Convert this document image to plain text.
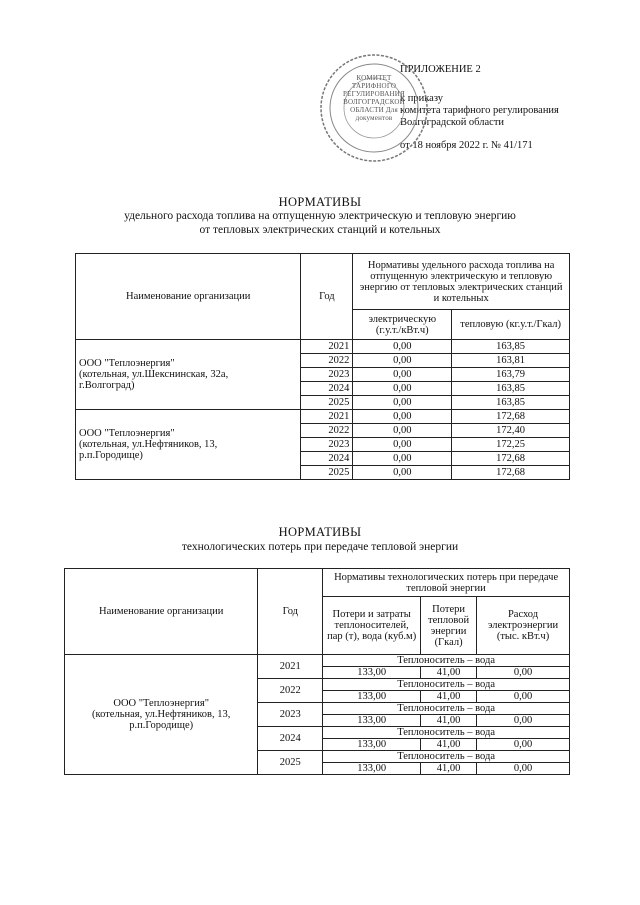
ПРИЛОЖЕНИЕ 2
к приказу
комитета тарифного регулирования
Волгоградской области
от 18 ноября 2022 г. № 41/171
КОМИТЕТ ТАРИФНОГО РЕГУЛИРОВАНИЯ ВОЛГОГРАДСКОЙ ОБЛАСТИ Для документов
НОРМАТИВЫ
удельного расхода топлива на отпущенную электрическую и тепловую энергию
от тепловых электрических станций и котельных
Наименование организации	Год	Нормативы удельного расхода топлива на отпущенную электрическую и тепловую энергию от тепловых электрических станций и котельных	
		электрическую (г.у.т./кВт.ч)	тепловую (кг.у.т./Гкал)

ООО "Теплоэнергия"
(котельная, ул.Шекснинская, 32а,
г.Волгоград)	2021	0,00	163,85
	2022	0,00	163,81
	2023	0,00	163,79
	2024	0,00	163,85
	2025	0,00	163,85

ООО "Теплоэнергия"
(котельная, ул.Нефтяников, 13,
р.п.Городище)	2021	0,00	172,68
	2022	0,00	172,40
	2023	0,00	172,25
	2024	0,00	172,68
	2025	0,00	172,68
НОРМАТИВЫ
технологических потерь при передаче тепловой энергии
Наименование организации	Год	Нормативы технологических потерь при передаче тепловой энергии		
		Потери и затраты теплоносителей, пар (т), вода (куб.м)	Потери тепловой энергии (Гкал)	Расход электроэнергии (тыс. кВт.ч)

ООО "Теплоэнергия"
(котельная, ул.Нефтяников, 13,
р.п.Городище)	2021	Теплоноситель – вода		
		133,00	41,00	0,00
	2022	Теплоноситель – вода		
		133,00	41,00	0,00
	2023	Теплоноситель – вода		
		133,00	41,00	0,00
	2024	Теплоноситель – вода		
		133,00	41,00	0,00
	2025	Теплоноситель – вода		
		133,00	41,00	0,00
